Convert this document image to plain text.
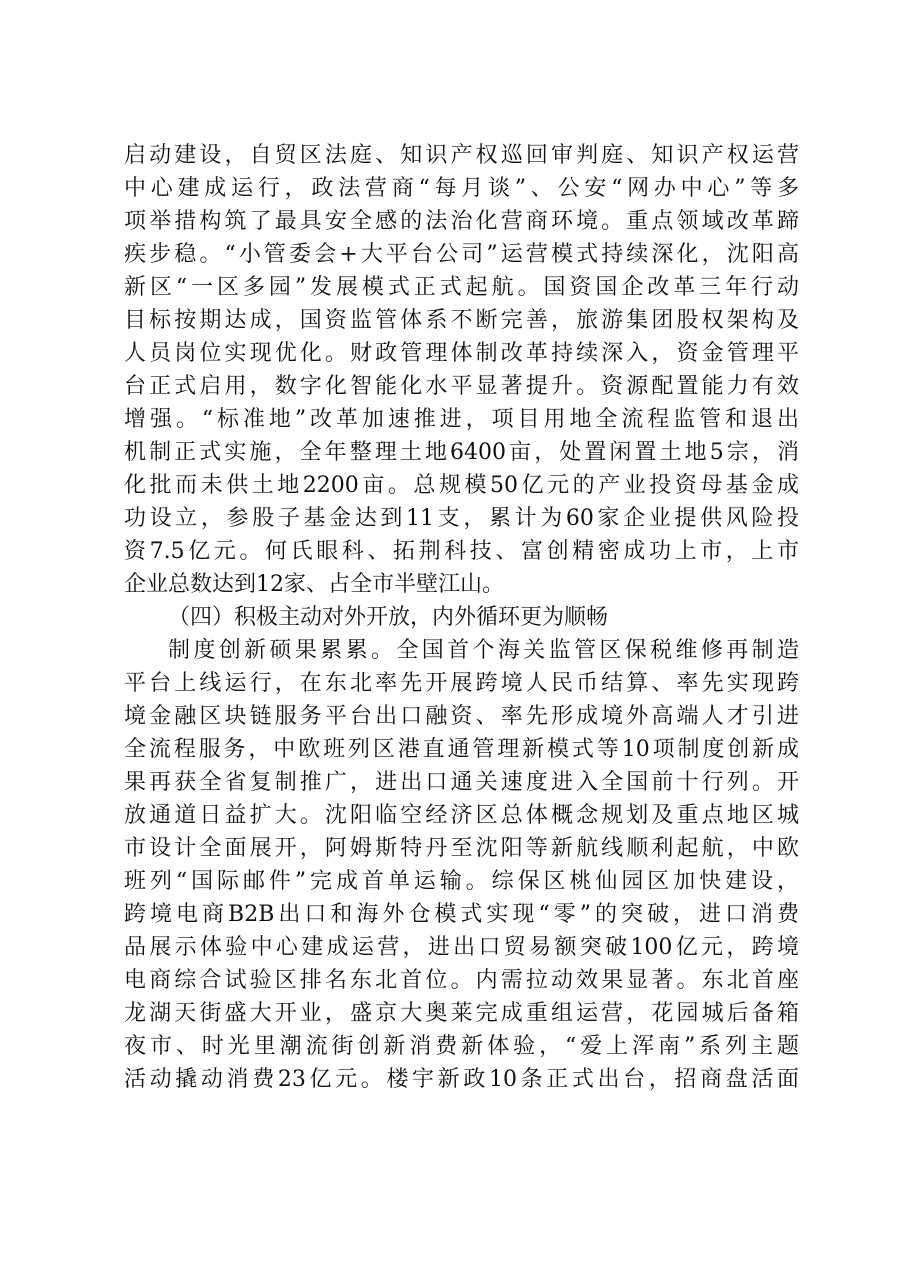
启动建设，自贸区法庭、知识产权巡回审判庭、知识产权运营
中心建成运行，政法营商“每月谈”、公安“网办中心”等多
项举措构筑了最具安全感的法治化营商环境。重点领域改革蹄
疾步稳。“小管委会+大平台公司”运营模式持续深化，沈阳高
新区“一区多园”发展模式正式起航。国资国企改革三年行动
目标按期达成，国资监管体系不断完善，旅游集团股权架构及
人员岗位实现优化。财政管理体制改革持续深入，资金管理平
台正式启用，数字化智能化水平显著提升。资源配置能力有效
增强。“标准地”改革加速推进，项目用地全流程监管和退出
机制正式实施，全年整理土地6400亩，处置闲置土地5宗，消
化批而未供土地2200亩。总规模50亿元的产业投资母基金成
功设立，参股子基金达到11支，累计为60家企业提供风险投
资7.5亿元。何氏眼科、拓荆科技、富创精密成功上市，上市
企业总数达到12家、占全市半壁江山。
（四）积极主动对外开放，内外循环更为顺畅
制度创新硕果累累。全国首个海关监管区保税维修再制造
平台上线运行，在东北率先开展跨境人民币结算、率先实现跨
境金融区块链服务平台出口融资、率先形成境外高端人才引进
全流程服务，中欧班列区港直通管理新模式等10项制度创新成
果再获全省复制推广，进出口通关速度进入全国前十行列。开
放通道日益扩大。沈阳临空经济区总体概念规划及重点地区城
市设计全面展开，阿姆斯特丹至沈阳等新航线顺利起航，中欧
班列“国际邮件”完成首单运输。综保区桃仙园区加快建设，
跨境电商B2B出口和海外仓模式实现“零”的突破，进口消费
品展示体验中心建成运营，进出口贸易额突破100亿元，跨境
电商综合试验区排名东北首位。内需拉动效果显著。东北首座
龙湖天街盛大开业，盛京大奥莱完成重组运营，花园城后备箱
夜市、时光里潮流街创新消费新体验，“爱上浑南”系列主题
活动撬动消费23亿元。楼宇新政10条正式出台，招商盘活面
